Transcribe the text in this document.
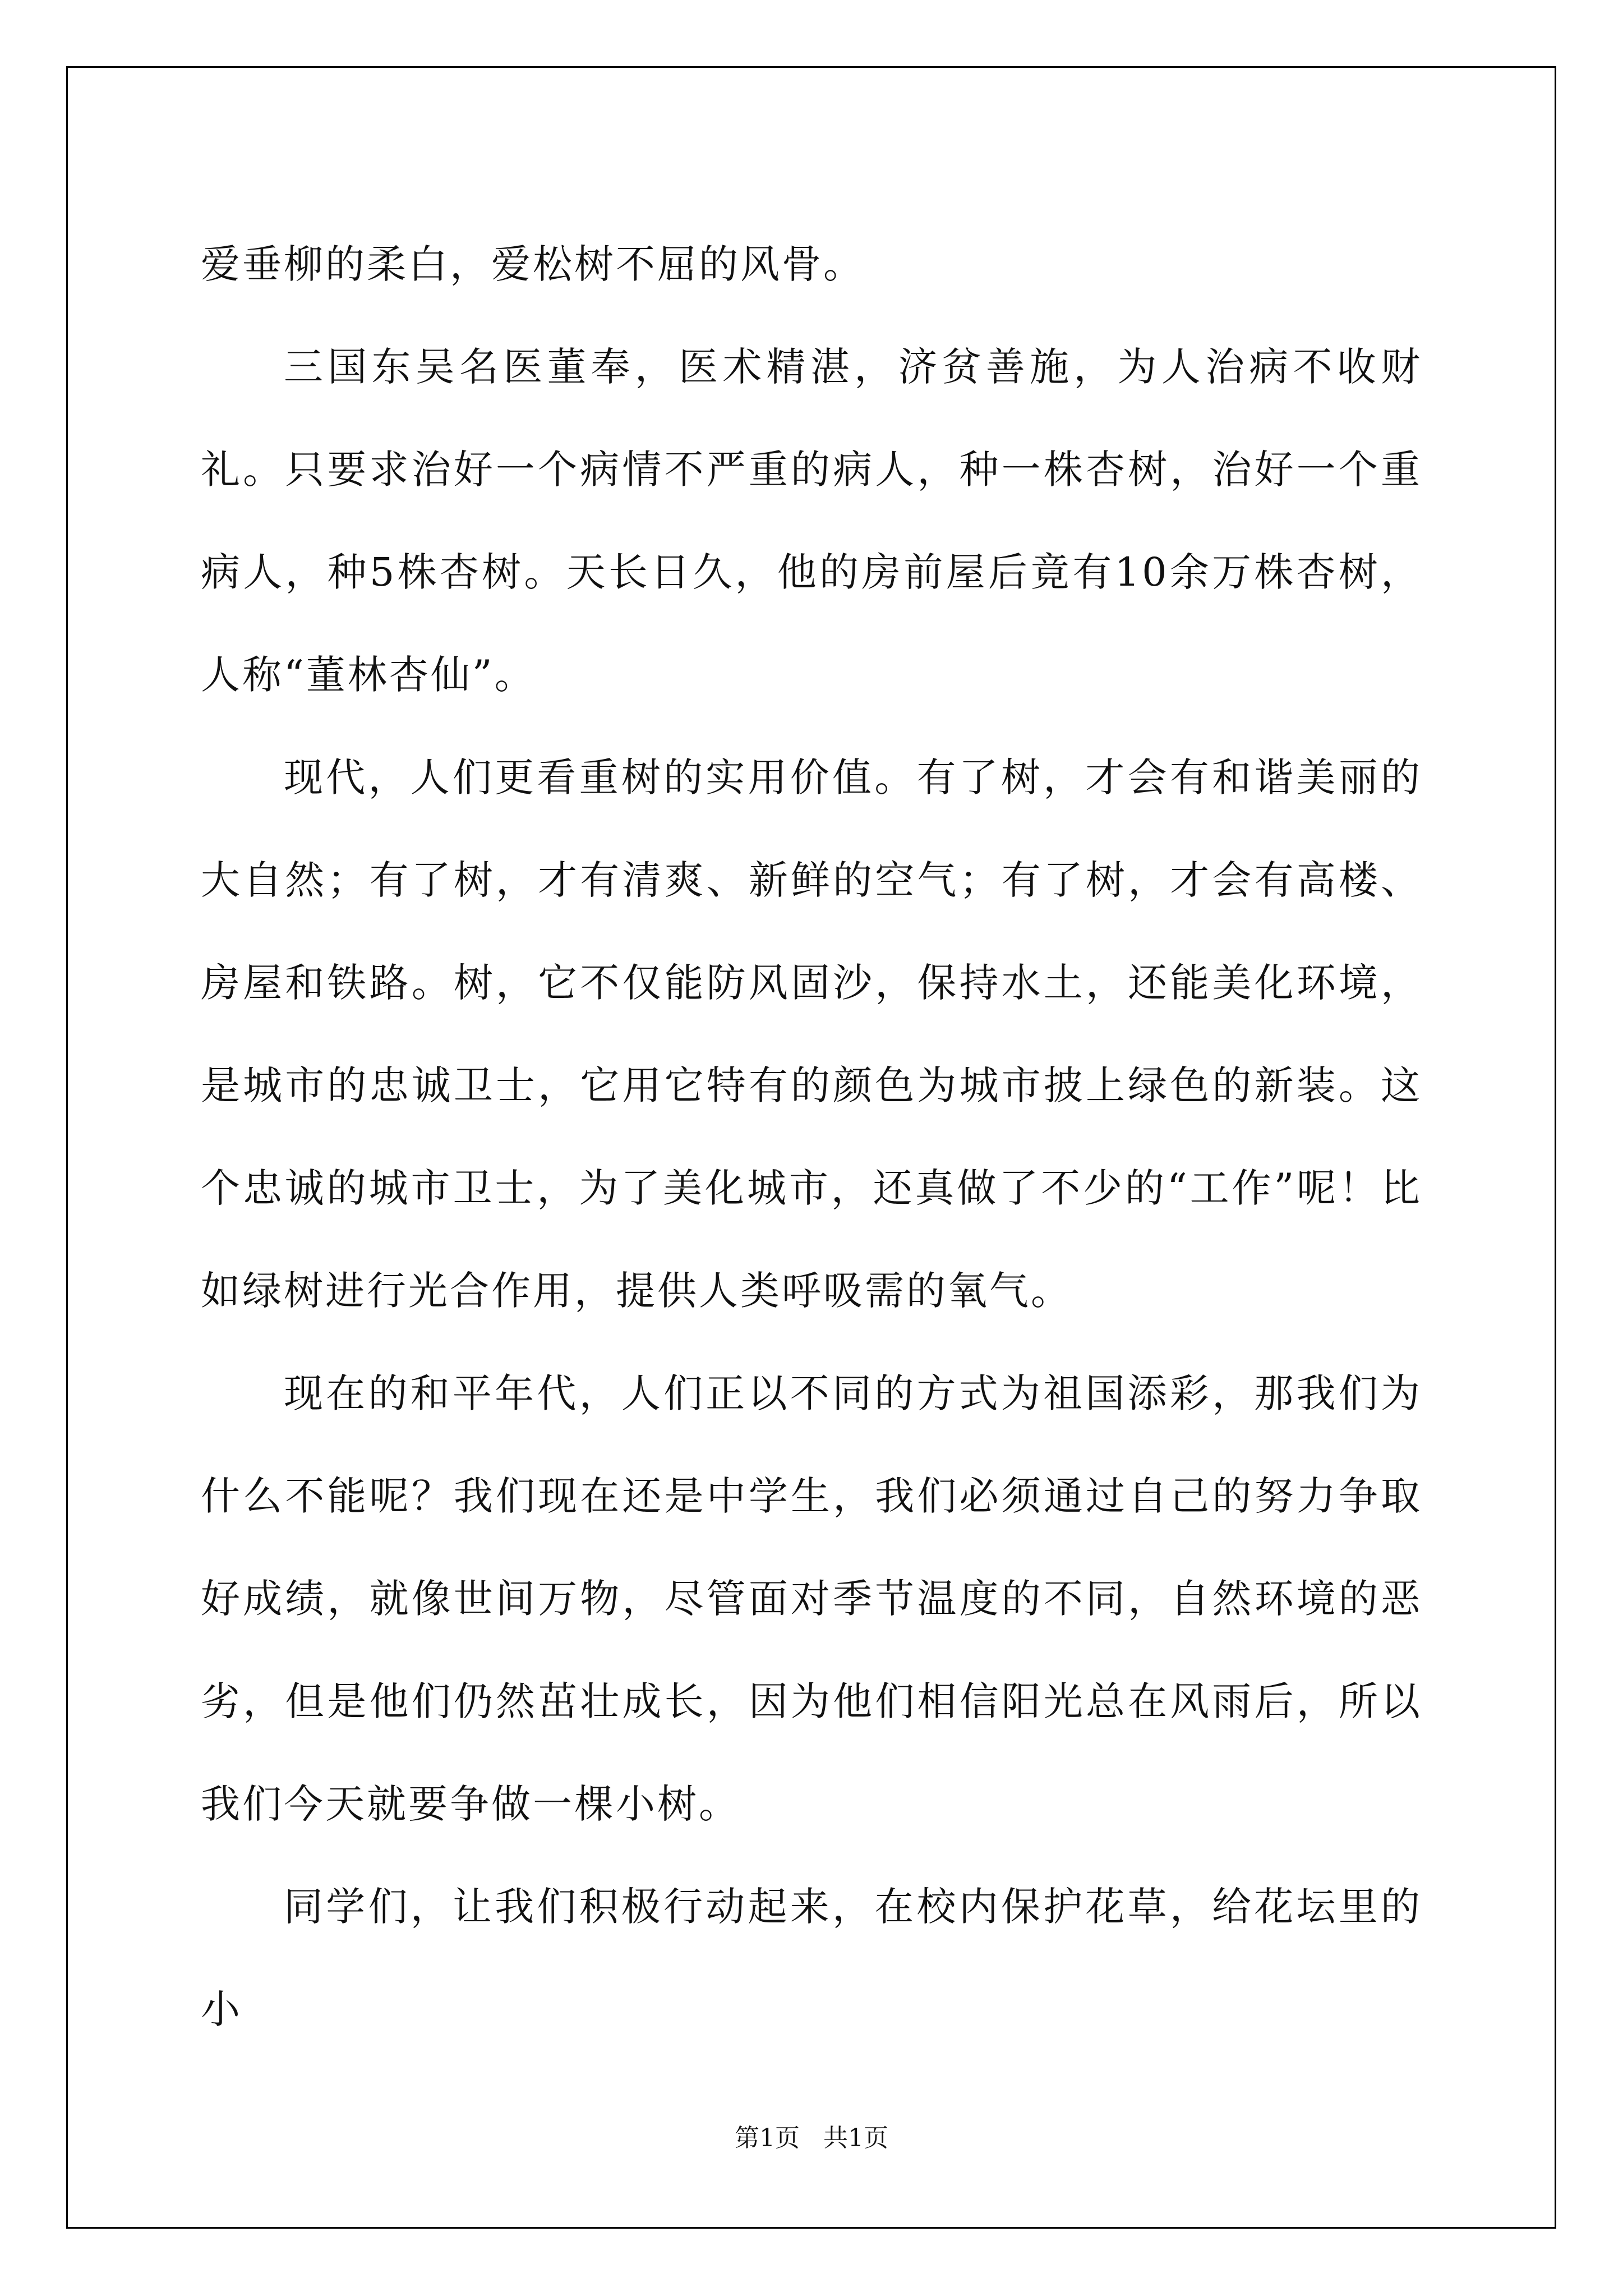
爱垂柳的柔白，爱松树不屈的风骨。

三国东吴名医董奉，医术精湛，济贫善施，为人治病不收财礼。只要求治好一个病情不严重的病人，种一株杏树，治好一个重病人，种5株杏树。天长日久，他的房前屋后竟有10余万株杏树，人称“董林杏仙”。

现代，人们更看重树的实用价值。有了树，才会有和谐美丽的大自然；有了树，才有清爽、新鲜的空气；有了树，才会有高楼、房屋和铁路。树，它不仅能防风固沙，保持水土，还能美化环境，是城市的忠诚卫士，它用它特有的颜色为城市披上绿色的新装。这个忠诚的城市卫士，为了美化城市，还真做了不少的“工作”呢！比如绿树进行光合作用，提供人类呼吸需的氧气。

现在的和平年代，人们正以不同的方式为祖国添彩，那我们为什么不能呢？我们现在还是中学生，我们必须通过自己的努力争取好成绩，就像世间万物，尽管面对季节温度的不同，自然环境的恶劣，但是他们仍然茁壮成长，因为他们相信阳光总在风雨后，所以我们今天就要争做一棵小树。

同学们，让我们积极行动起来，在校内保护花草，给花坛里的小

第1页   共1页
